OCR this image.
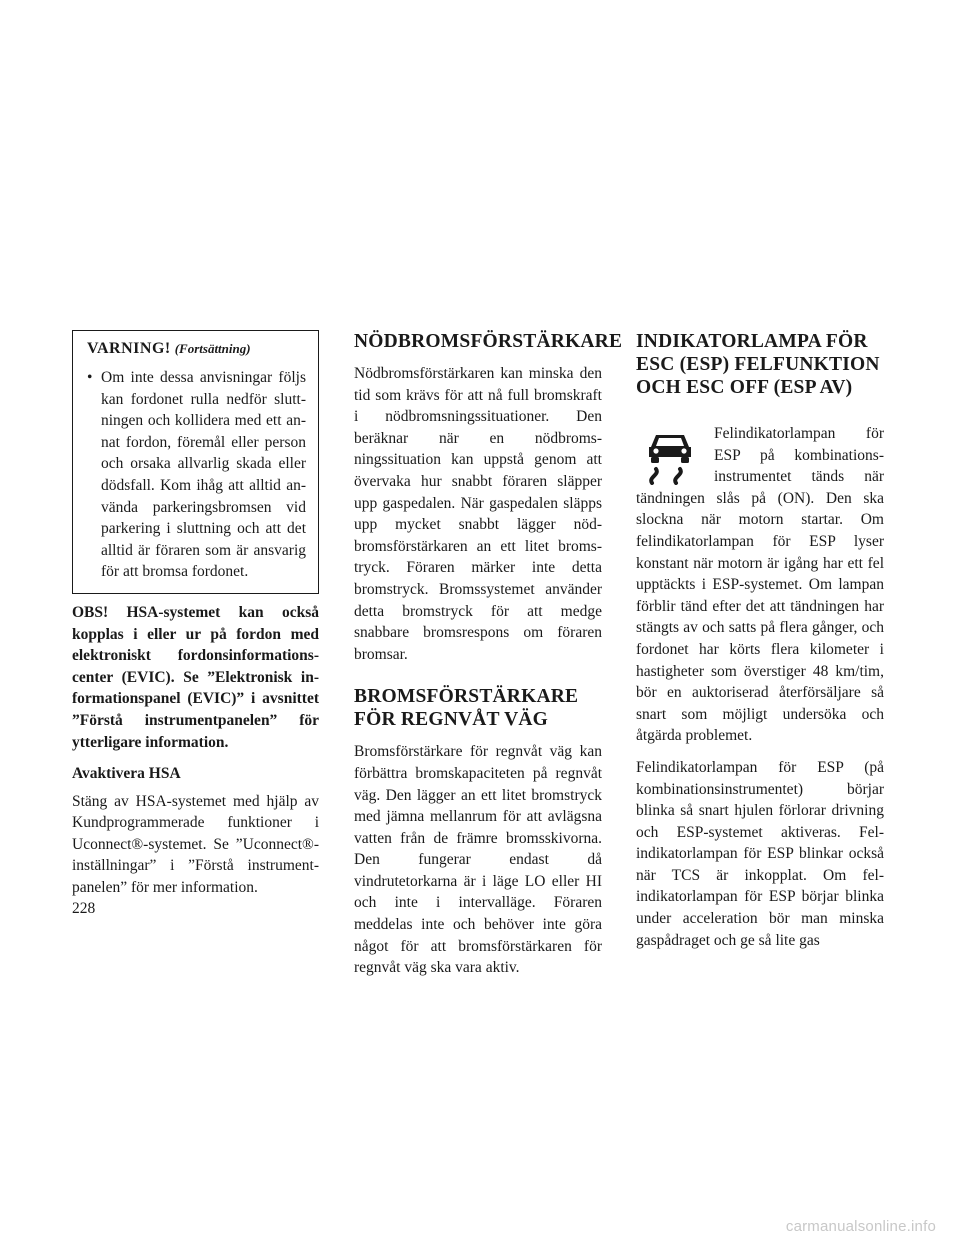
VARNING! (Fortsättning)
• Om inte dessa anvisningar följs kan fordonet rulla nedför sluttningen och kollidera med ett annat fordon, föremål eller person och orsaka allvarlig skada eller dödsfall. Kom ihåg att alltid använda parkeringsbromsen vid parkering i sluttning och att det alltid är föraren som är ansvarig för att bromsa fordonet.

OBS! HSA-systemet kan också kopplas i eller ur på fordon med elektroniskt fordonsinformationscenter (EVIC). Se ”Elektronisk informationspanel (EVIC)” i avsnittet ”Förstå instrumentpanelen” för ytterligare information.

Avaktivera HSA

Stäng av HSA-systemet med hjälp av Kundprogrammerade funktioner i Uconnect®-systemet. Se ”Uconnect®-inställningar” i ”Förstå instrumentpanelen” för mer information.

NÖDBROMSFÖRSTÄRKARE

Nödbromsförstärkaren kan minska den tid som krävs för att nå full bromskraft i nödbromsningssituationer. Den beräknar när en nödbromsningssituation kan uppstå genom att övervaka hur snabbt föraren släpper upp gaspedalen. När gaspedalen släpps upp mycket snabbt lägger nödbromsförstärkaren an ett litet bromstryck. Föraren märker inte detta bromstryck. Bromssystemet använder detta bromstryck för att medge snabbare bromsrespons om föraren bromsar.

BROMSFÖRSTÄRKARE FÖR REGNVÅT VÄG

Bromsförstärkare för regnvåt väg kan förbättra bromskapaciteten på regnvåt väg. Den lägger an ett litet bromstryck med jämna mellanrum för att avlägsna vatten från de främre bromsskivorna. Den fungerar endast då vindrutetorkarna är i läge LO eller HI och inte i intervalläge. Föraren meddelas inte och behöver inte göra något för att bromsförstärkaren för regnvåt väg ska vara aktiv.

INDIKATORLAMPA FÖR ESC (ESP) FELFUNKTION OCH ESC OFF (ESP AV)

Felindikatorlampan för ESP på kombinationsinstrumentet tänds när tändningen slås på (ON). Den ska slockna när motorn startar. Om felindikatorlampan för ESP lyser konstant när motorn är igång har ett fel upptäckts i ESP-systemet. Om lampan förblir tänd efter det att tändningen har stängts av och satts på flera gånger, och fordonet har körts flera kilometer i hastigheter som överstiger 48 km/tim, bör en auktoriserad återförsäljare så snart som möjligt undersöka och åtgärda problemet.

Felindikatorlampan för ESP (på kombinationsinstrumentet) börjar blinka så snart hjulen förlorar drivning och ESP-systemet aktiveras. Felindikatorlampan för ESP blinkar också när TCS är inkopplat. Om felindikatorlampan för ESP börjar blinka under acceleration bör man minska gaspådraget och ge så lite gas

228
carmanualsonline.info
